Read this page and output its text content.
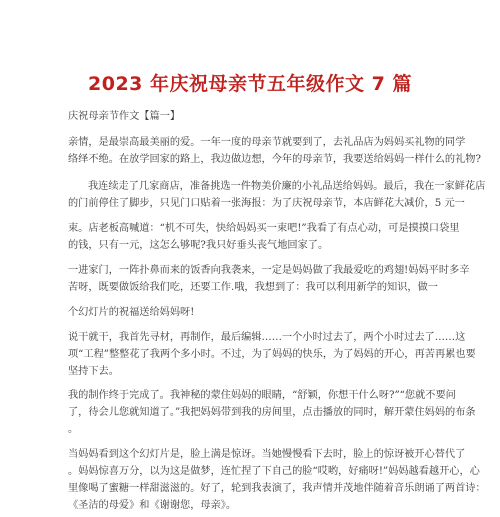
2023 年庆祝母亲节五年级作文 7 篇
庆祝母亲节作文【篇一】
亲情，是最崇高最美丽的爱。一年一度的母亲节就要到了，去礼品店为妈妈买礼物的同学
络绎不绝。在放学回家的路上，我边做边想，今年的母亲节，我要送给妈妈一样什么的礼物?
我连续走了几家商店，准备挑选一件物美价廉的小礼品送给妈妈。最后，我在一家鲜花店
的门前停住了脚步，只见门口贴着一张海报：为了庆祝母亲节，本店鲜花大减价，5 元一
束。店老板高喊道：“机不可失，快给妈妈买一束吧!”我看了有点心动，可是摸摸口袋里
的钱，只有一元，这怎么够呢?我只好垂头丧气地回家了。
一进家门，一阵扑鼻而来的饭香向我袭来，一定是妈妈做了我最爱吃的鸡翅!妈妈平时多辛
苦呀，既要做饭给我们吃，还要工作.哦，我想到了：我可以利用新学的知识，做一
个幻灯片的祝福送给妈妈呀!
说干就干，我首先寻材，再制作，最后编辑……一个小时过去了，两个小时过去了……这
项“工程”整整花了我两个多小时。不过，为了妈妈的快乐，为了妈妈的开心，再苦再累也要
坚持下去。
我的制作终于完成了。我神秘的蒙住妈妈的眼睛，“舒颖，你想干什么呀?”“您就不要问
了，待会儿您就知道了。”我把妈妈带到我的房间里，点击播放的同时，解开蒙住妈妈的布条
。
当妈妈看到这个幻灯片是，脸上满是惊讶。当她慢慢看下去时，脸上的惊讶被开心替代了
。妈妈惊喜万分，以为这是做梦，连忙捏了下自己的脸“哎哟，好痛呀!”妈妈越看越开心，心
里像喝了蜜糖一样甜滋滋的。好了，轮到我表演了，我声情并茂地伴随着音乐朗诵了两首诗：
《圣洁的母爱》和《谢谢您，母亲》。
